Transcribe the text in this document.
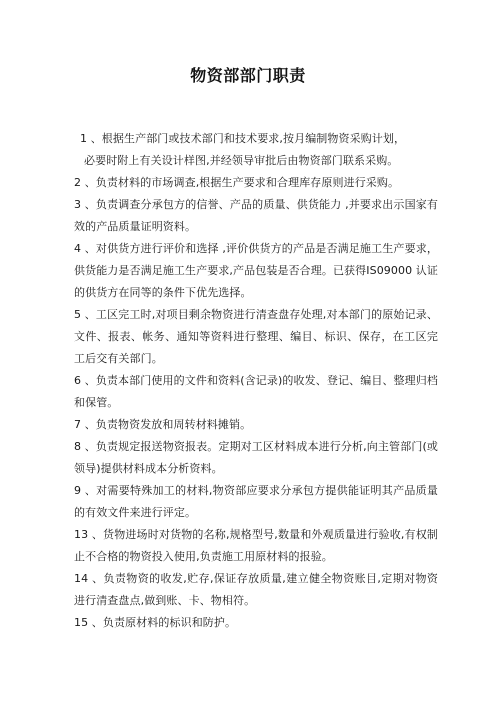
物资部部门职责

1 、根据生产部门或技术部门和技术要求,按月编制物资采购计划，

必要时附上有关设计样图,并经领导审批后由物资部门联系采购。

2 、负责材料的市场调查,根据生产要求和合理库存原则进行采购。

3 、负责调查分承包方的信誉、产品的质量、供货能力 ,并要求出示国家有效的产品质量证明资料。

4 、对供货方进行评价和选择 ,评价供货方的产品是否满足施工生产要求，供货能力是否满足施工生产要求,产品包装是否合理。已获得IS09000 认证的供货方在同等的条件下优先选择。

5 、工区完工时,对项目剩余物资进行清查盘存处理,对本部门的原始记录、文件、报表、帐务、通知等资料进行整理、编目、标识、保存，在工区完工后交有关部门。

6 、负责本部门使用的文件和资料(含记录)的收发、登记、编目、整理归档和保管。

7 、负责物资发放和周转材料摊销。

8 、负责规定报送物资报表。定期对工区材料成本进行分析,向主管部门(或领导)提供材料成本分析资料。

9 、对需要特殊加工的材料,物资部应要求分承包方提供能证明其产品质量的有效文件来进行评定。

13 、货物进场时对货物的名称,规格型号,数量和外观质量进行验收,有权制止不合格的物资投入使用,负责施工用原材料的报验。

14 、负责物资的收发,贮存,保证存放质量,建立健全物资账目,定期对物资进行清查盘点,做到账、卡、物相符。

15 、负责原材料的标识和防护。
